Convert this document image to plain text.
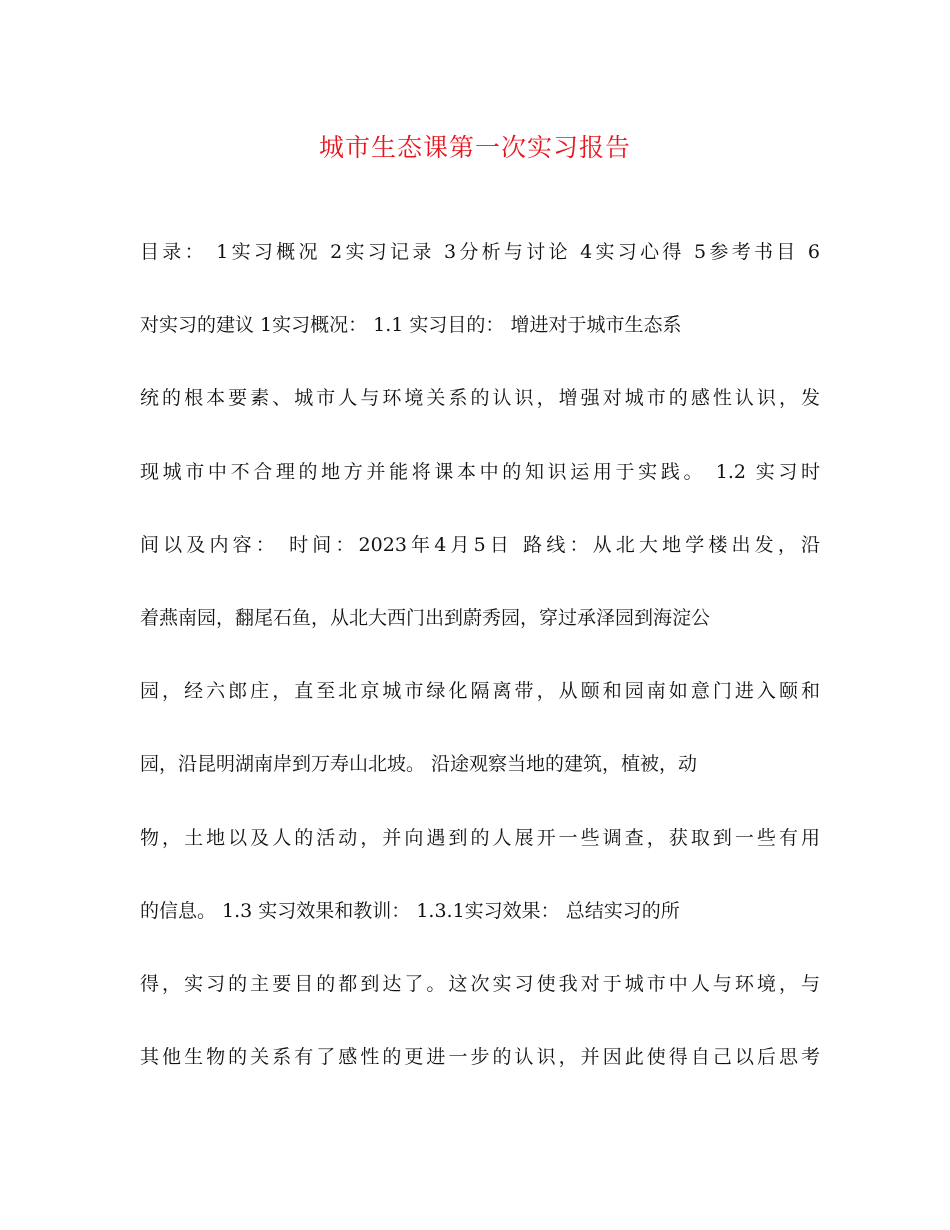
城市生态课第一次实习报告
目录： 1实习概况 2实习记录 3分析与讨论 4实习心得 5参考书目 6
对实习的建议 1实习概况： 1.1 实习目的： 增进对于城市生态系
统的根本要素、城市人与环境关系的认识，增强对城市的感性认识，发
现城市中不合理的地方并能将课本中的知识运用于实践。 1.2 实习时
间以及内容： 时间：2023年4月5日 路线：从北大地学楼出发，沿
着燕南园，翻尾石鱼，从北大西门出到蔚秀园，穿过承泽园到海淀公
园，经六郎庄，直至北京城市绿化隔离带，从颐和园南如意门进入颐和
园，沿昆明湖南岸到万寿山北坡。 沿途观察当地的建筑，植被，动
物，土地以及人的活动，并向遇到的人展开一些调查，获取到一些有用
的信息。 1.3 实习效果和教训： 1.3.1实习效果： 总结实习的所
得，实习的主要目的都到达了。这次实习使我对于城市中人与环境，与
其他生物的关系有了感性的更进一步的认识，并因此使得自己以后思考
